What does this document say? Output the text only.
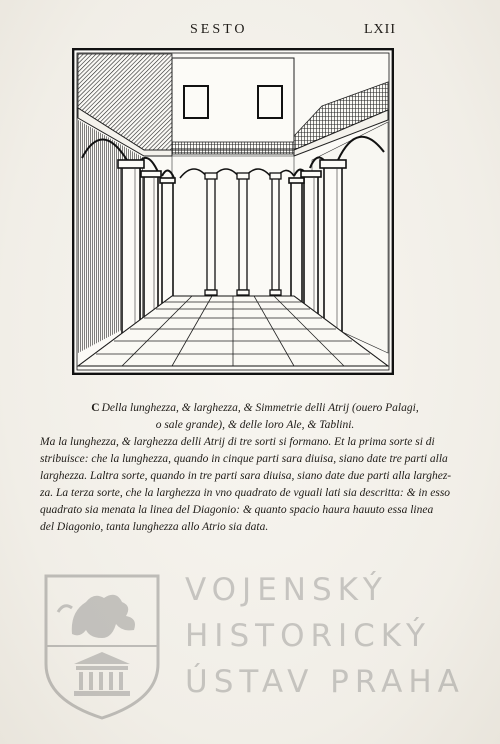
SESTO	LXII

C Della lunghezza, & larghezza, & Simmetrie delli Atrij (ouero Palagi,
o sale grande), & delle loro Ale, & Tablini.

Ma la lunghezza, & larghezza delli Atrij di tre sorti si formano. Et la prima sorte si di
stribuisce: che la lunghezza, quando in cinque parti sara diuisa, siano date tre parti alla
larghezza. Laltra sorte, quando in tre parti sara diuisa, siano date due parti alla larghez-
za. La terza sorte, che la larghezza in vno quadrato de vguali lati sia descritta: & in esso
quadrato sia menata la linea del Diagonio: & quanto spacio haura hauuto essa linea
del Diagonio, tanta lunghezza allo Atrio sia data.

VOJENSKÝ
HISTORICKÝ
ÚSTAV PRAHA
